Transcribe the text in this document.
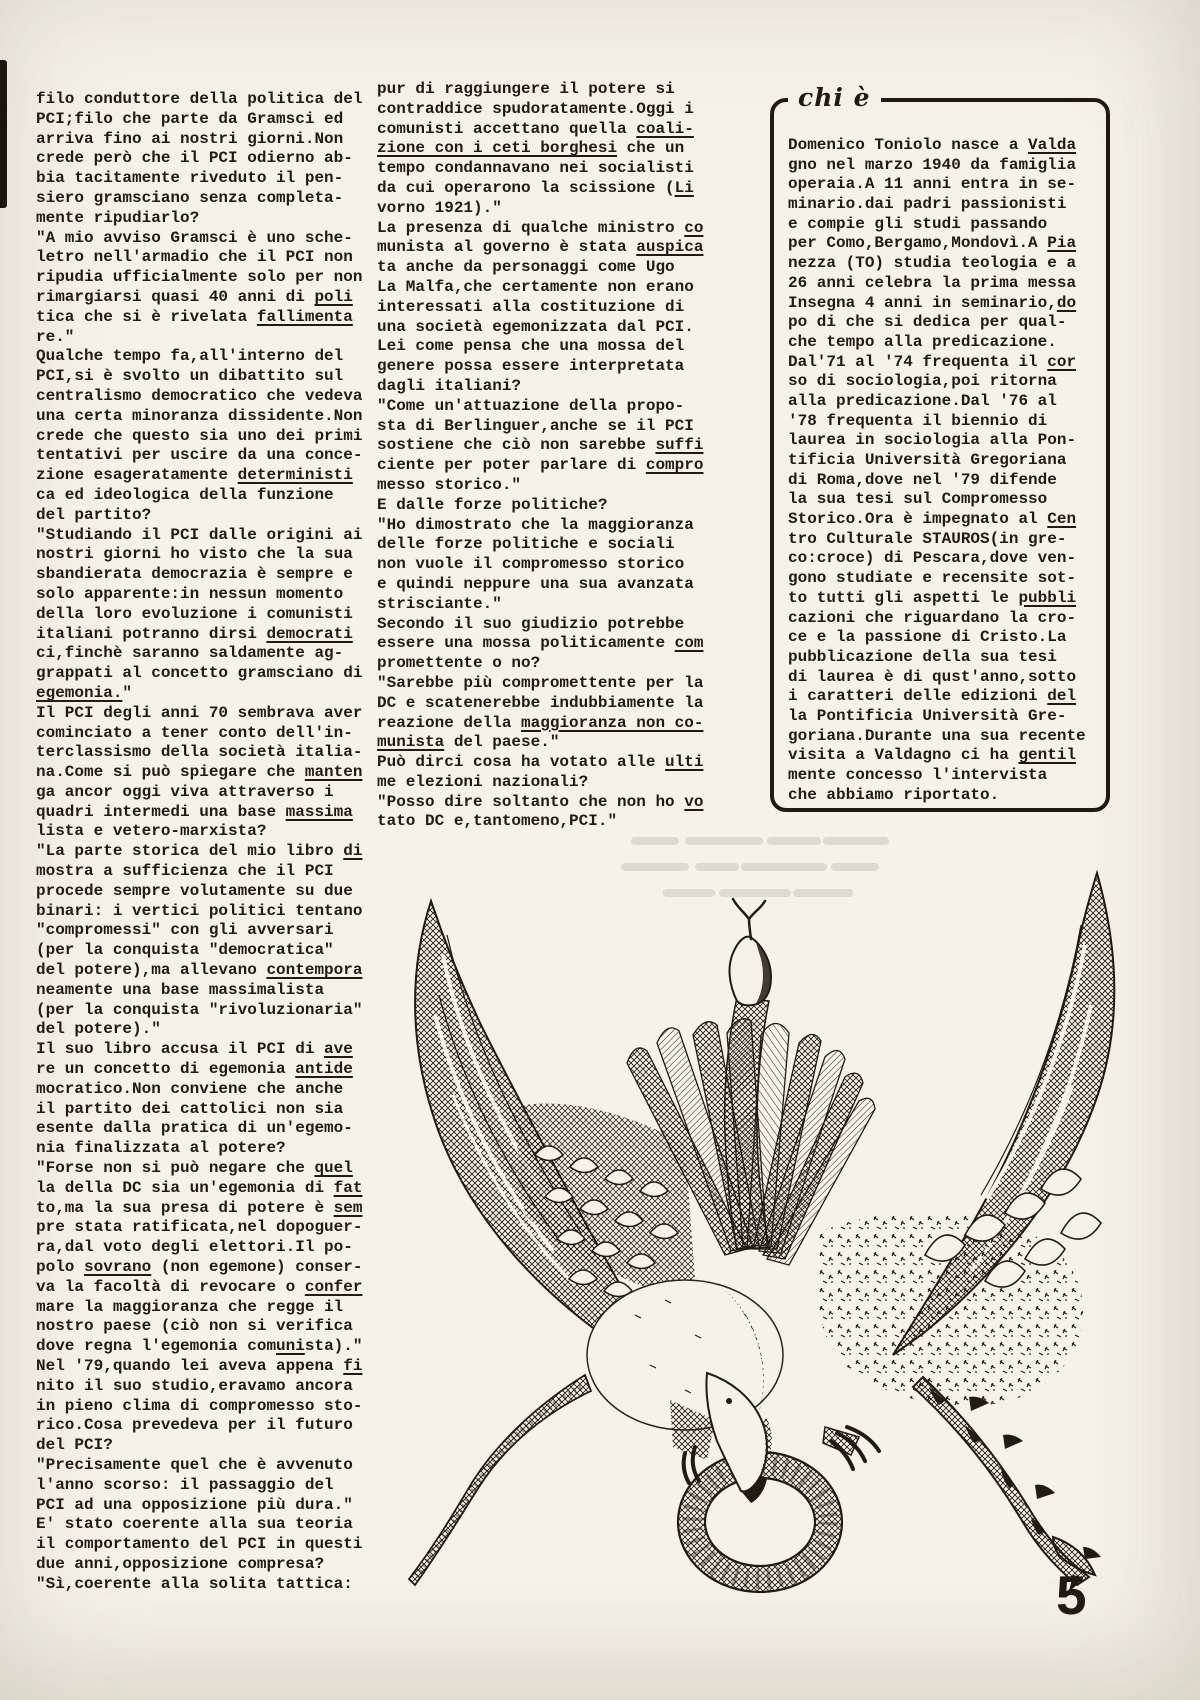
filo conduttore della politica del
PCI;filo che parte da Gramsci ed
arriva fino ai nostri giorni.Non
crede però che il PCI odierno ab-
bia tacitamente riveduto il pen-
siero gramsciano senza completa-
mente ripudiarlo?
"A mio avviso Gramsci è uno sche-
letro nell'armadio che il PCI non
ripudia ufficialmente solo per non
rimargiarsi quasi 40 anni di poli
tica che si è rivelata fallimenta
re."
Qualche tempo fa,all'interno del
PCI,si è svolto un dibattito sul
centralismo democratico che vedeva
una certa minoranza dissidente.Non
crede che questo sia uno dei primi
tentativi per uscire da una conce-
zione esageratamente deterministi
ca ed ideologica della funzione
del partito?
"Studiando il PCI dalle origini ai
nostri giorni ho visto che la sua
sbandierata democrazia è sempre e
solo apparente:in nessun momento
della loro evoluzione i comunisti
italiani potranno dirsi democrati
ci,finchè saranno saldamente ag-
grappati al concetto gramsciano di
egemonia."
Il PCI degli anni 70 sembrava aver
cominciato a tener conto dell'in-
terclassismo della società italia-
na.Come si può spiegare che manten
ga ancor oggi viva attraverso i
quadri intermedi una base massima
lista e vetero-marxista?
"La parte storica del mio libro di
mostra a sufficienza che il PCI
procede sempre volutamente su due
binari: i vertici politici tentano
"compromessi" con gli avversari
(per la conquista "democratica"
del potere),ma allevano contempora
neamente una base massimalista
(per la conquista "rivoluzionaria"
del potere)."
Il suo libro accusa il PCI di ave
re un concetto di egemonia antide
mocratico.Non conviene che anche
il partito dei cattolici non sia
esente dalla pratica di un'egemo-
nia finalizzata al potere?
"Forse non si può negare che quel
la della DC sia un'egemonia di fat
to,ma la sua presa di potere è sem
pre stata ratificata,nel dopoguer-
ra,dal voto degli elettori.Il po-
polo sovrano (non egemone) conser-
va la facoltà di revocare o confer
mare la maggioranza che regge il
nostro paese (ciò non si verifica
dove regna l'egemonia comunista)."
Nel '79,quando lei aveva appena fi
nito il suo studio,eravamo ancora
in pieno clima di compromesso sto-
rico.Cosa prevedeva per il futuro
del PCI?
"Precisamente quel che è avvenuto
l'anno scorso: il passaggio del
PCI ad una opposizione più dura."
E' stato coerente alla sua teoria
il comportamento del PCI in questi
due anni,opposizione compresa?
"Sì,coerente alla solita tattica:
pur di raggiungere il potere si
contraddice spudoratamente.Oggi i
comunisti accettano quella coali-
zione con i ceti borghesi che un
tempo condannavano nei socialisti
da cui operarono la scissione (Li
vorno 1921)."
La presenza di qualche ministro co
munista al governo è stata auspica
ta anche da personaggi come Ugo
La Malfa,che certamente non erano
interessati alla costituzione di
una società egemonizzata dal PCI.
Lei come pensa che una mossa del
genere possa essere interpretata
dagli italiani?
"Come un'attuazione della propo-
sta di Berlinguer,anche se il PCI
sostiene che ciò non sarebbe suffi
ciente per poter parlare di compro
messo storico."
E dalle forze politiche?
"Ho dimostrato che la maggioranza
delle forze politiche e sociali
non vuole il compromesso storico
e quindi neppure una sua avanzata
strisciante."
Secondo il suo giudizio potrebbe
essere una mossa politicamente com
promettente o no?
"Sarebbe più compromettente per la
DC e scatenerebbe indubbiamente la
reazione della maggioranza non co-
munista del paese."
Può dirci cosa ha votato alle ulti
me elezioni nazionali?
"Posso dire soltanto che non ho vo
tato DC e,tantomeno,PCI."
chi è
Domenico Toniolo nasce a Valda
gno nel marzo 1940 da famiglia
operaia.A 11 anni entra in se-
minario.dai padri passionisti
e compie gli studi passando
per Como,Bergamo,Mondovì.A Pia
nezza (TO) studia teologia e a
26 anni celebra la prima messa
Insegna 4 anni in seminario,do
po di che si dedica per qual-
che tempo alla predicazione.
Dal'71 al '74 frequenta il cor
so di sociologia,poi ritorna
alla predicazione.Dal '76 al
'78 frequenta il biennio di
laurea in sociologia alla Pon-
tificia Università Gregoriana
di Roma,dove nel '79 difende
la sua tesi sul Compromesso
Storico.Ora è impegnato al Cen
tro Culturale STAUROS(in gre-
co:croce) di Pescara,dove ven-
gono studiate e recensite sot-
to tutti gli aspetti le pubbli
cazioni che riguardano la cro-
ce e la passione di Cristo.La
pubblicazione della sua tesi
di laurea è di qust'anno,sotto
i caratteri delle edizioni del
la Pontificia Università Gre-
goriana.Durante una sua recente
visita a Valdagno ci ha gentil
mente concesso l'intervista
che abbiamo riportato.
5
